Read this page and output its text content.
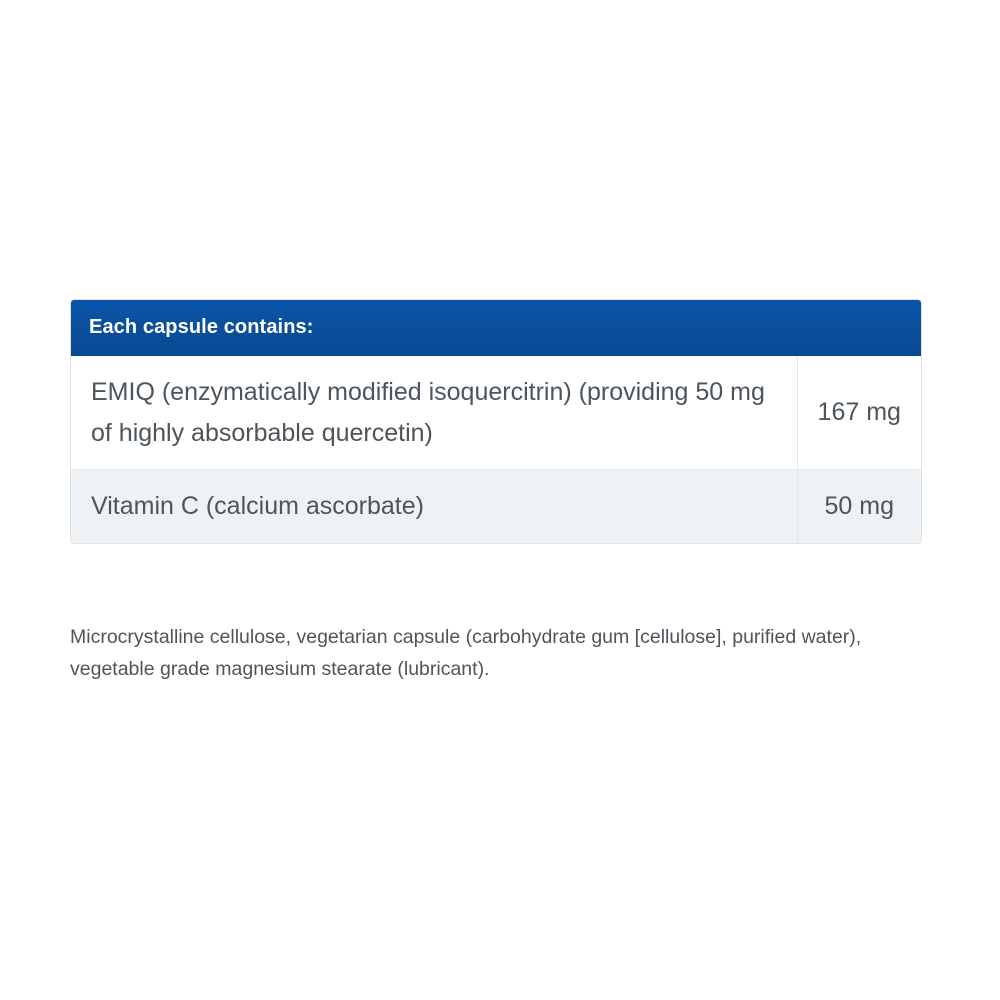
Each capsule contains:
EMIQ (enzymatically modified isoquercitrin) (providing 50 mg of highly absorbable quercetin)	167 mg
Vitamin C (calcium ascorbate)	50 mg
Microcrystalline cellulose, vegetarian capsule (carbohydrate gum [cellulose], purified water), vegetable grade magnesium stearate (lubricant).
